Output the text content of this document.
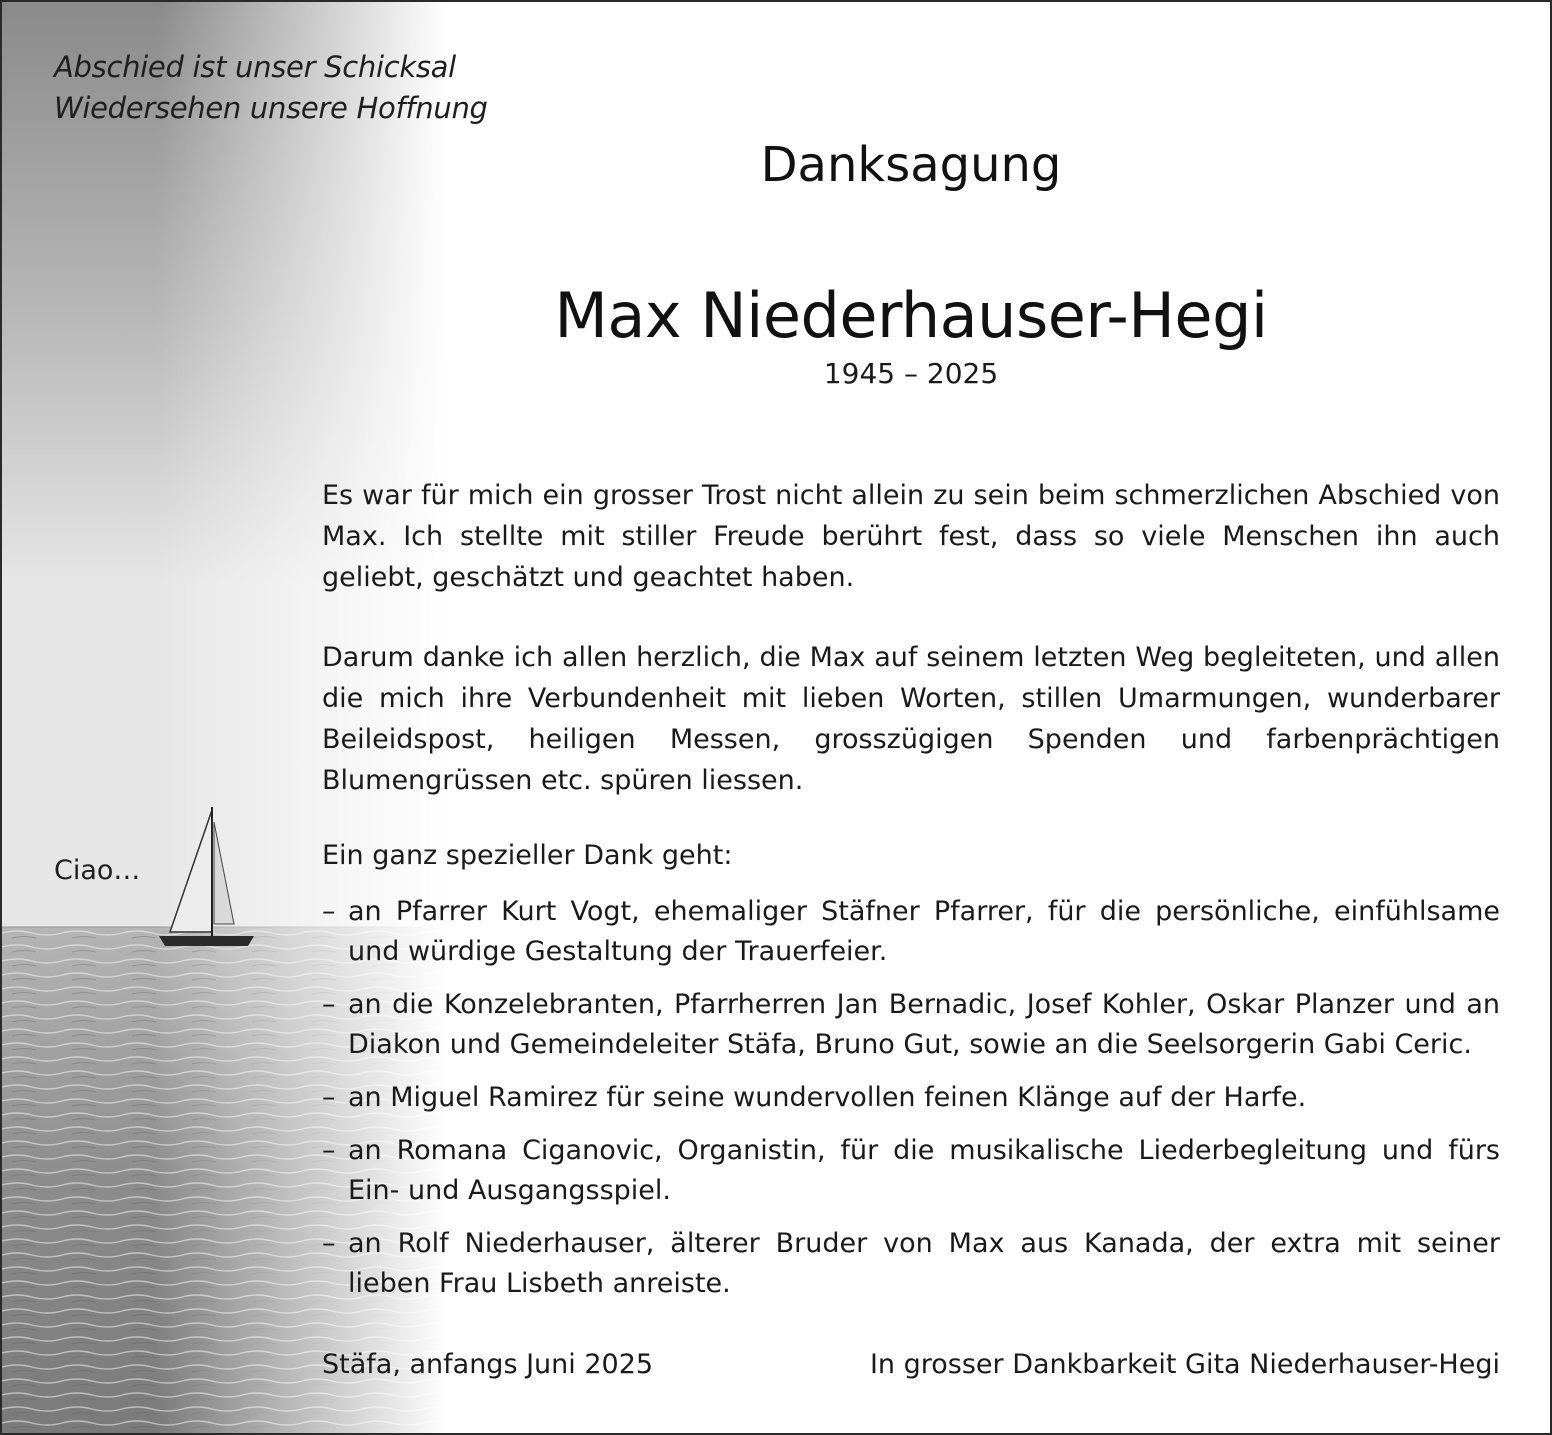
Abschied ist unser Schicksal
Wiedersehen unsere Hoffnung
Ciao…
Danksagung
Max Niederhauser-Hegi
1945 – 2025

Es war für mich ein grosser Trost nicht allein zu sein beim schmerzlichen Abschied von Max. Ich stellte mit stiller Freude berührt fest, dass so viele Menschen ihn auch geliebt, geschätzt und geachtet haben.

Darum danke ich allen herzlich, die Max auf seinem letzten Weg begleiteten, und allen die mich ihre Verbundenheit mit lieben Worten, stillen Umarmungen, wunderbarer Beileidspost, heiligen Messen, grosszügigen Spenden und farbenprächtigen Blumengrüssen etc. spüren liessen.

Ein ganz spezieller Dank geht:

– an Pfarrer Kurt Vogt, ehemaliger Stäfner Pfarrer, für die persönliche, einfühlsame und würdige Gestaltung der Trauerfeier.
– an die Konzelebranten, Pfarrherren Jan Bernadic, Josef Kohler, Oskar Planzer und an Diakon und Gemeindeleiter Stäfa, Bruno Gut, sowie an die Seelsorgerin Gabi Ceric.
– an Miguel Ramirez für seine wundervollen feinen Klänge auf der Harfe.
– an Romana Ciganovic, Organistin, für die musikalische Liederbegleitung und fürs Ein- und Ausgangsspiel.
– an Rolf Niederhauser, älterer Bruder von Max aus Kanada, der extra mit seiner lieben Frau Lisbeth anreiste.
Stäfa, anfangs Juni 2025	In grosser Dankbarkeit Gita Niederhauser-Hegi
